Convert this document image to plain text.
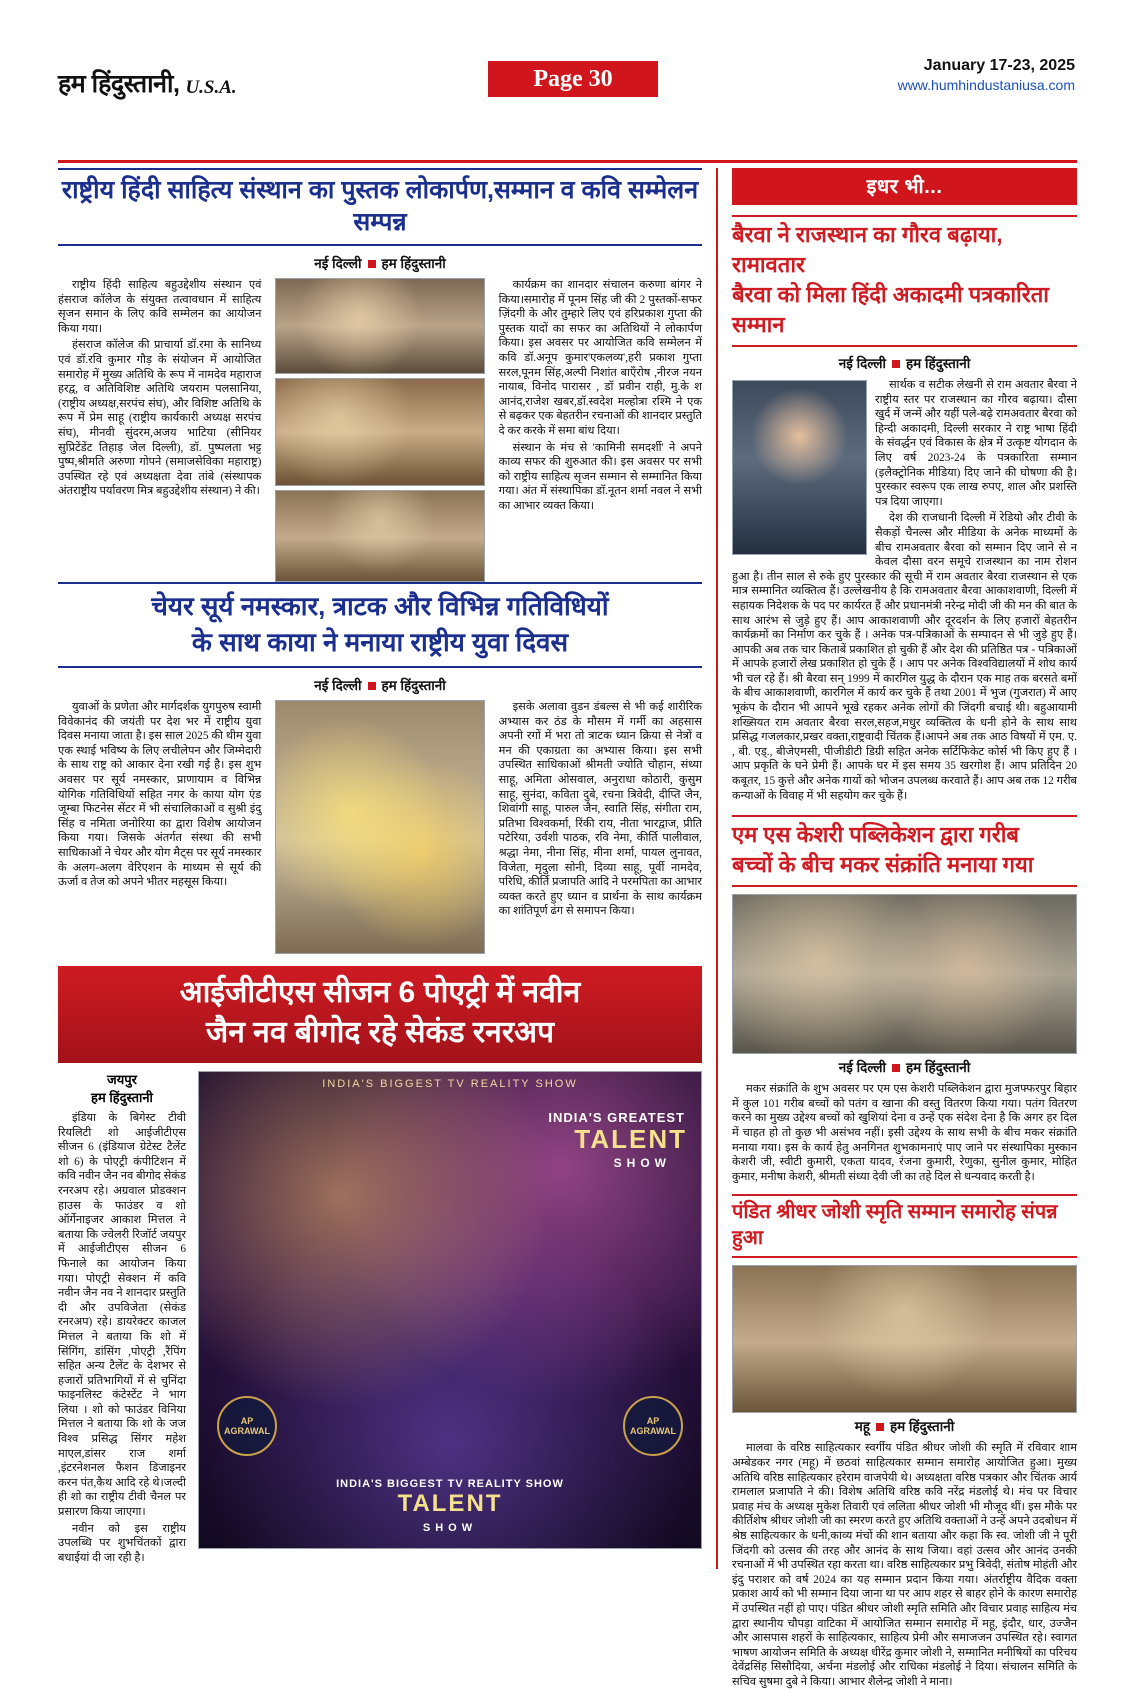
हम हिंदुस्तानी, U.S.A.	Page 30	January 17-23, 2025
www.humhindustaniusa.com
राष्ट्रीय हिंदी साहित्य संस्थान का पुस्तक लोकार्पण,सम्मान व कवि सम्मेलन सम्पन्न
नई दिल्ली हम हिंदुस्तानी

राष्ट्रीय हिंदी साहित्य बहुउद्देशीय संस्थान एवं हंसराज कॉलेज के संयुक्त तत्वावधान में साहित्य सृजन समान के लिए कवि सम्मेलन का आयोजन किया गया।

हंसराज कॉलेज की प्राचार्या डॉ.रमा के सानिध्य एवं डॉ.रवि कुमार गौड़ के संयोजन में आयोजित समारोह में मुख्य अतिथि के रूप में नामदेव महाराज हरद्व, व अतिविशिष्ट अतिथि जयराम पलसानिया, (राष्ट्रीय अध्यक्ष,सरपंच संघ), और विशिष्ट अतिथि के रूप में प्रेम साहू (राष्ट्रीय कार्यकारी अध्यक्ष सरपंच संघ), मीनवी सुंदरम,अजय भाटिया (सीनियर सुप्रिटेंडेंट तिहाड़ जेल दिल्ली), डॉ. पुष्पलता भट्ट पुष्प,श्रीमति अरुणा गोपने (समाजसेविका महाराष्ट्र) उपस्थित रहे एवं अध्यक्षता देवा तांबे (संस्थापक अंतराष्ट्रीय पर्यावरण मित्र बहुउद्देशीय संस्थान) ने की।

कार्यक्रम का शानदार संचालन करुणा बांगर ने किया।समारोह में पूनम सिंह जी की 2 पुस्तकों-सफर ज़िंदगी के और तुम्हारे लिए एवं हरिप्रकाश गुप्ता की पुस्तक यादों का सफर का अतिथियों ने लोकार्पण किया। इस अवसर पर आयोजित कवि सम्मेलन में कवि डॉ.अनूप कुमार'एकलव्य',हरी प्रकाश गुप्ता सरल,पूनम सिंह,अल्पी निशांत बाएँरोष ,नीरज नयन नायाब, विनोद पारासर , डॉ प्रवीन राही, मु.के श आनंद,राजेश खबर,डॉ.स्वदेश मल्होत्रा रश्मि ने एक से बढ़कर एक बेहतरीन रचनाओं की शानदार प्रस्तुति दे कर करके में समा बांध दिया।

संस्थान के मंच से 'कामिनी समदर्शी' ने अपने काव्य सफर की शुरुआत की। इस अवसर पर सभी को राष्ट्रीय साहित्य सृजन सम्मान से सम्मानित किया गया। अंत में संस्थापिका डॉ.नूतन शर्मा नवल ने सभी का आभार व्यक्त किया।

चेयर सूर्य नमस्कार, त्राटक और विभिन्न गतिविधियों
के साथ काया ने मनाया राष्ट्रीय युवा दिवस
नई दिल्ली हम हिंदुस्तानी

युवाओं के प्रणेता और मार्गदर्शक युगपुरुष स्वामी विवेकानंद की जयंती पर देश भर में राष्ट्रीय युवा दिवस मनाया जाता है। इस साल 2025 की थीम युवा एक स्थाई भविष्य के लिए लचीलेपन और जिम्मेदारी के साथ राष्ट्र को आकार देना रखी गई है। इस शुभ अवसर पर सूर्य नमस्कार, प्राणायाम व विभिन्न योगिक गतिविधियों सहित नगर के काया योग एंड जूम्बा फिटनेस सेंटर में भी संचालिकाओं व सुश्री इंदु सिंह व नमिता जनोरिया का द्वारा विशेष आयोजन किया गया। जिसके अंतर्गत संस्था की सभी साधिकाओं ने चेयर और योग मैट्स पर सूर्य नमस्कार के अलग-अलग वेरिएशन के माध्यम से सूर्य की ऊर्जा व तेज को अपने भीतर महसूस किया।

इसके अलावा वुडन डंबल्स से भी कई शारीरिक अभ्यास कर ठंड के मौसम में गर्मी का अहसास अपनी रगों में भरा तो त्राटक ध्यान क्रिया से नेत्रों व मन की एकाग्रता का अभ्यास किया। इस सभी उपस्थित साधिकाओं श्रीमती ज्योति चौहान, संध्या साहू, अमिता ओसवाल, अनुराधा कोठारी, कुसुम साहू, सुनंदा, कविता दुबे, रचना त्रिवेदी, दीप्ति जैन, शिवांगी साहू, पारुल जैन, स्वाति सिंह, संगीता राम, प्रतिभा विश्वकर्मा, रिंकी राय, नीता भारद्वाज, प्रीति पटेरिया, उर्वशी पाठक, रवि नेमा, कीर्ति पालीवाल, श्रद्धा नेमा, नीना सिंह, मीना शर्मा, पायल लुनावत, विजेता, मृदुला सोनी, दिव्या साहू, पूर्वी नामदेव, परिधि, कीर्ति प्रजापति आदि ने परमपिता का आभार व्यक्त करते हुए ध्यान व प्रार्थना के साथ कार्यक्रम का शांतिपूर्ण ढंग से समापन किया।

आईजीटीएस सीजन 6 पोएट्री में नवीन
जैन नव बीगोद रहे सेकंड रनरअप
जयपुर
हम हिंदुस्तानी

इंडिया के बिगेस्ट टीवी रियलिटी शो आईजीटीएस सीजन 6 (इंडियाज ग्रेटेस्ट टैलेंट शो 6) के पोएट्री कंपीटिशन में कवि नवीन जैन नव बीगोद सेकंड रनरअप रहे। अग्रवाल प्रोडक्शन हाउस के फाउंडर व शो ऑर्गेनाइजर आकाश मित्तल ने बताया कि ज्वेलरी रिजॉर्ट जयपुर में आईजीटीएस सीजन 6 फिनाले का आयोजन किया गया। पोएट्री सेक्शन में कवि नवीन जैन नव ने शानदार प्रस्तुति दी और उपविजेता (सेकंड रनरअप) रहे। डायरेक्टर काजल मित्तल ने बताया कि शो में सिंगिंग, डांसिंग ,पोएट्री ,रैंपिंग सहित अन्य टैलेंट के देशभर से हजारों प्रतिभागियों में से चुनिंदा फाइनलिस्ट कंटेस्टेंट ने भाग लिया । शो को फाउंडर विनिया मित्तल ने बताया कि शो के जज विश्व प्रसिद्ध सिंगर महेश माएल,डांसर राज शर्मा ,इंटरनेशनल फैशन डिजाइनर करन पंत,कैथ आदि रहे थे।जल्दी ही शो का राष्ट्रीय टीवी चैनल पर प्रसारण किया जाएगा।

नवीन को इस राष्ट्रीय उपलब्धि पर शुभचिंतकों द्वारा बधाईयां दी जा रही है।

INDIA'S BIGGEST TV REALITY SHOW
INDIA'S GREATEST
TALENT
SHOW
AP AGRAWAL
AP AGRAWAL
INDIA'S BIGGEST TV REALITY SHOW
TALENT
SHOW
इधर भी...
बैरवा ने राजस्थान का गौरव बढ़ाया, रामावतार
बैरवा को मिला हिंदी अकादमी पत्रकारिता सम्मान
नई दिल्ली हम हिंदुस्तानी

सार्थक व सटीक लेखनी से राम अवतार बैरवा ने राष्ट्रीय स्तर पर राजस्थान का गौरव बढ़ाया। दौसा खुर्द में जन्में और यहीं पले-बढ़े रामअवतार बैरवा को हिन्दी अकादमी, दिल्ली सरकार ने राष्ट्र भाषा हिंदी के संवर्द्धन एवं विकास के क्षेत्र में उत्कृष्ट योगदान के लिए वर्ष 2023-24 के पत्रकारिता सम्मान (इलैक्ट्रोनिक मीडिया) दिए जाने की घोषणा की है। पुरस्कार स्वरूप एक लाख रुपए, शाल और प्रशस्ति पत्र दिया जाएगा।

देश की राजधानी दिल्ली में रेडियो और टीवी के सैकड़ों चैनल्स और मीडिया के अनेक माध्यमों के बीच रामअवतार बैरवा को सम्मान दिए जाने से न केवल दौसा वरन समूचे राजस्थान का नाम रोशन हुआ है। तीन साल से रुके हुए पुरस्कार की सूची में राम अवतार बैरवा राजस्थान से एक मात्र सम्मानित व्यक्तित्व हैं। उल्लेखनीय है कि रामअवतार बैरवा आकाशवाणी, दिल्ली में सहायक निदेशक के पद पर कार्यरत हैं और प्रधानमंत्री नरेन्द्र मोदी जी की मन की बात के साथ आरंभ से जुड़े हुए हैं। आप आकाशवाणी और दूरदर्शन के लिए हजारों बेहतरीन कार्यक्रमों का निर्माण कर चुके हैं । अनेक पत्र-पत्रिकाओं के सम्पादन से भी जुड़े हुए हैं। आपकी अब तक चार किताबें प्रकाशित हो चुकी हैं और देश की प्रतिष्ठित पत्र - पत्रिकाओं में आपके हजारों लेख प्रकाशित हो चुके हैं । आप पर अनेक विश्वविद्यालयों में शोध कार्य भी चल रहे हैं। श्री बैरवा सन् 1999 में कारगिल युद्ध के दौरान एक माह तक बरसते बमों के बीच आकाशवाणी, कारगिल में कार्य कर चुके हैं तथा 2001 में भुज (गुजरात) में आए भूकंप के दौरान भी आपने भूखे रहकर अनेक लोगों की जिंदगी बचाई थी। बहुआयामी शख्सियत राम अवतार बैरवा सरल,सहज,मधुर व्यक्तित्व के धनी होने के साथ साथ प्रसिद्ध गजलकार,प्रखर वक्ता,राष्ट्रवादी चिंतक हैं।आपने अब तक आठ विषयों में एम. ए. , बी. एड्., बीजेएमसी, पीजीडीटी डिग्री सहित अनेक सर्टिफिकेट कोर्स भी किए हुए हैं । आप प्रकृति के घने प्रेमी हैं। आपके घर में इस समय 35 खरगोश हैं। आप प्रतिदिन 20 कबूतर, 15 कुत्ते और अनेक गायों को भोजन उपलब्ध करवाते हैं। आप अब तक 12 गरीब कन्याओं के विवाह में भी सहयोग कर चुके हैं।

एम एस केशरी पब्लिकेशन द्वारा गरीब
बच्चों के बीच मकर संक्रांति मनाया गया
नई दिल्ली हम हिंदुस्तानी

मकर संक्रांति के शुभ अवसर पर एम एस केशरी पब्लिकेशन द्वारा मुजफ्फरपुर बिहार में कुल 101 गरीब बच्चों को पतंग व खाना की वस्तु वितरण किया गया। पतंग वितरण करने का मुख्य उद्देश्य बच्चों को खुशियां देना व उन्हें एक संदेश देना है कि अगर हर दिल में चाहत हो तो कुछ भी असंभव नहीं। इसी उद्देश्य के साथ सभी के बीच मकर संक्रांति मनाया गया। इस के कार्य हेतु अनगिनत शुभकामनाएं पाए जाने पर संस्थापिका मुस्कान केशरी जी, स्वीटी कुमारी, एकता यादव, रंजना कुमारी, रेणुका, सुनील कुमार, मोहित कुमार, मनीषा केशरी, श्रीमती संध्या देवी जी का तहे दिल से धन्यवाद करती है।

पंडित श्रीधर जोशी स्मृति सम्मान समारोह संपन्न हुआ
महू हम हिंदुस्तानी

मालवा के वरिष्ठ साहित्यकार स्वर्गीय पंडित श्रीधर जोशी की स्मृति में रविवार शाम अम्बेडकर नगर (महू) में छठवां साहित्यकार सम्मान समारोह आयोजित हुआ। मुख्य अतिथि वरिष्ठ साहित्यकार हरेराम वाजपेयी थे। अध्यक्षता वरिष्ठ पत्रकार और चिंतक आर्य रामलाल प्रजापति ने की। विशेष अतिथि वरिष्ठ कवि नरेंद्र मंडलोई थे। मंच पर विचार प्रवाह मंच के अध्यक्ष मुकेश तिवारी एवं ललिता श्रीधर जोशी भी मौजूद थीं। इस मौके पर कीर्तिशेष श्रीधर जोशी जी का स्मरण करते हुए अतिथि वक्ताओं ने उन्हें अपने उदबोधन में श्रेष्ठ साहित्यकार के धनी,काव्य मंचों की शान बताया और कहा कि स्व. जोशी जी ने पूरी जिंदगी को उत्सव की तरह और आनंद के साथ जिया। वहां उत्सव और आनंद उनकी रचनाओं में भी उपस्थित रहा करता था। वरिष्ठ साहित्यकार प्रभु त्रिवेदी, संतोष मोहंती और इंदु पराशर को वर्ष 2024 का यह सम्मान प्रदान किया गया। अंतर्राष्ट्रीय वैदिक वक्ता प्रकाश आर्य को भी सम्मान दिया जाना था पर आप शहर से बाहर होने के कारण समारोह में उपस्थित नहीं हो पाए। पंडित श्रीधर जोशी स्मृति समिति और विचार प्रवाह साहित्य मंच द्वारा स्थानीय चौपड़ा वाटिका में आयोजित सम्मान समारोह में महू, इंदौर, धार, उज्जैन और आसपास शहरों के साहित्यकार, साहित्य प्रेमी और समाजजन उपस्थित रहे। स्वागत भाषण आयोजन समिति के अध्यक्ष धीरेंद्र कुमार जोशी ने, सम्मानित मनीषियों का परिचय देवेंद्रसिंह सिसौदिया, अर्चना मंडलोई और राधिका मंडलोई ने दिया। संचालन समिति के सचिव सुषमा दुबे ने किया। आभार शैलेन्द्र जोशी ने माना।
